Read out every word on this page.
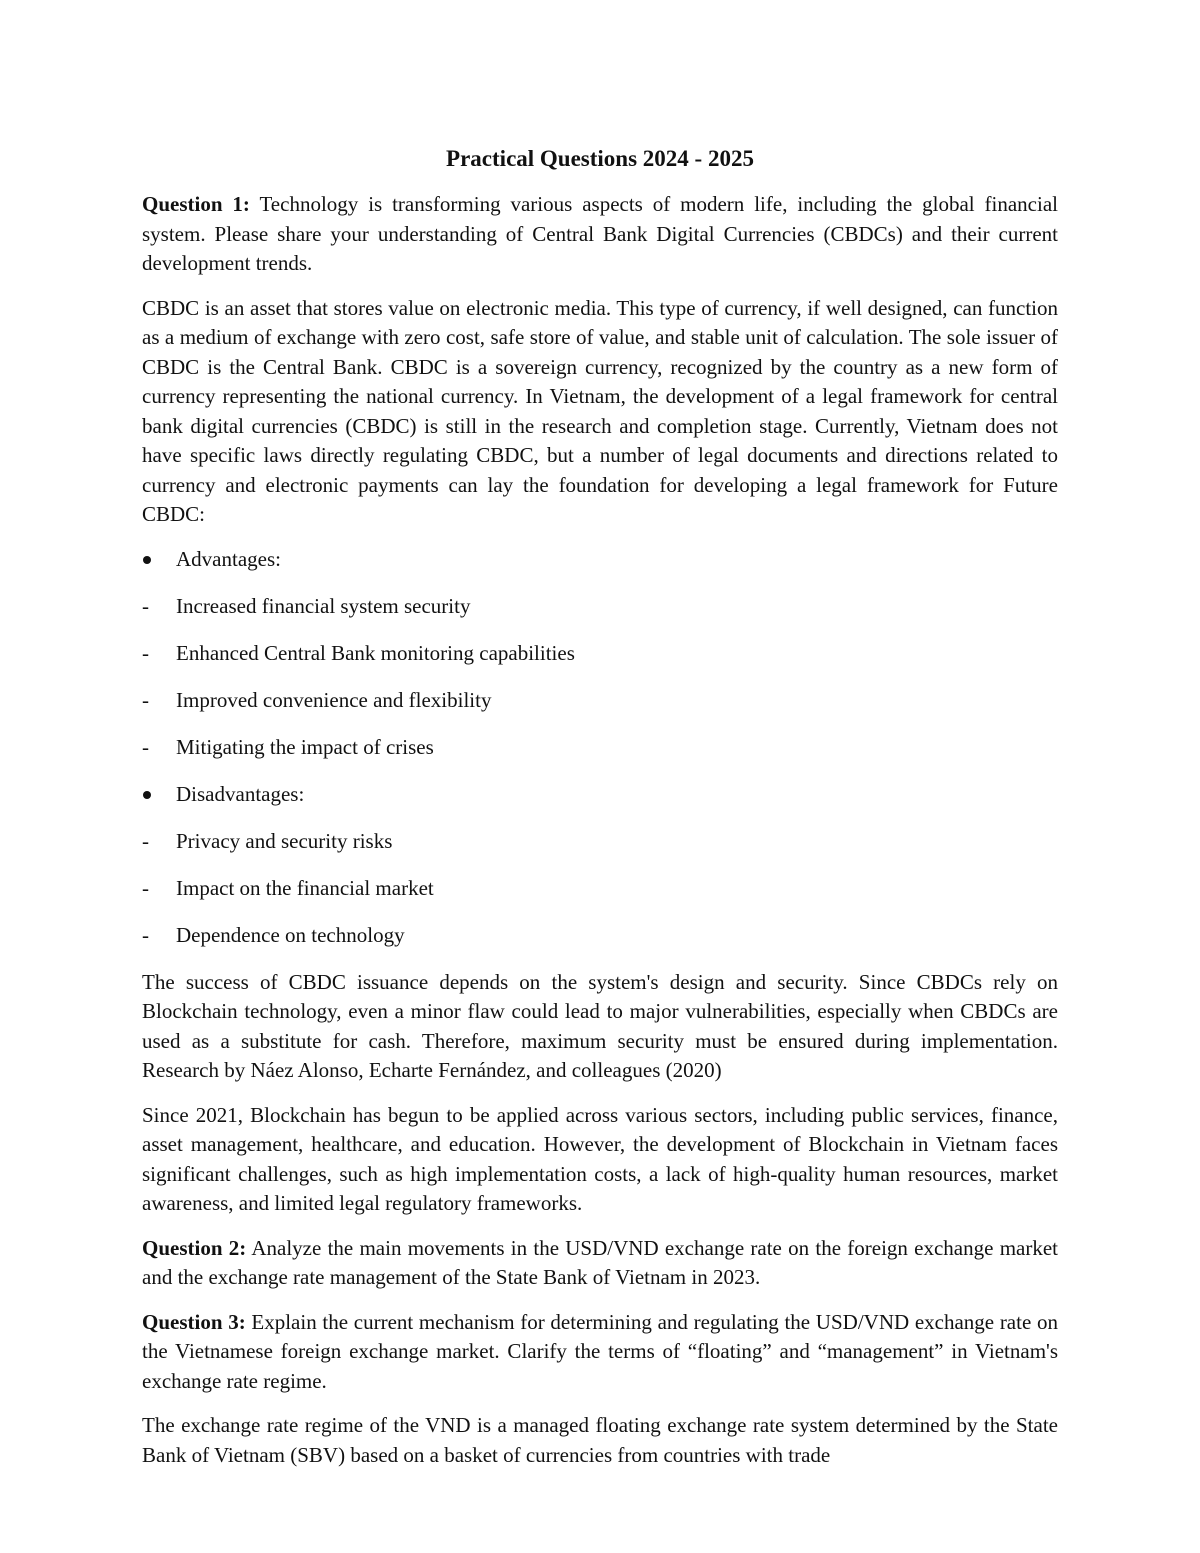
Practical Questions 2024 - 2025

Question 1: Technology is transforming various aspects of modern life, including the global financial system. Please share your understanding of Central Bank Digital Currencies (CBDCs) and their current development trends.

CBDC is an asset that stores value on electronic media. This type of currency, if well designed, can function as a medium of exchange with zero cost, safe store of value, and stable unit of calculation. The sole issuer of CBDC is the Central Bank. CBDC is a sovereign currency, recognized by the country as a new form of currency representing the national currency. In Vietnam, the development of a legal framework for central bank digital currencies (CBDC) is still in the research and completion stage. Currently, Vietnam does not have specific laws directly regulating CBDC, but a number of legal documents and directions related to currency and electronic payments can lay the foundation for developing a legal framework for Future CBDC:

Advantages:
-	Increased financial system security
-	Enhanced Central Bank monitoring capabilities
-	Improved convenience and flexibility
-	Mitigating the impact of crises
Disadvantages:
-	Privacy and security risks
-	Impact on the financial market
-	Dependence on technology

The success of CBDC issuance depends on the system's design and security. Since CBDCs rely on Blockchain technology, even a minor flaw could lead to major vulnerabilities, especially when CBDCs are used as a substitute for cash. Therefore, maximum security must be ensured during implementation. Research by Náez Alonso, Echarte Fernández, and colleagues (2020)

Since 2021, Blockchain has begun to be applied across various sectors, including public services, finance, asset management, healthcare, and education. However, the development of Blockchain in Vietnam faces significant challenges, such as high implementation costs, a lack of high-quality human resources, market awareness, and limited legal regulatory frameworks.

Question 2: Analyze the main movements in the USD/VND exchange rate on the foreign exchange market and the exchange rate management of the State Bank of Vietnam in 2023.

Question 3: Explain the current mechanism for determining and regulating the USD/VND exchange rate on the Vietnamese foreign exchange market. Clarify the terms of “floating” and “management” in Vietnam's exchange rate regime.

The exchange rate regime of the VND is a managed floating exchange rate system determined by the State Bank of Vietnam (SBV) based on a basket of currencies from countries with trade
